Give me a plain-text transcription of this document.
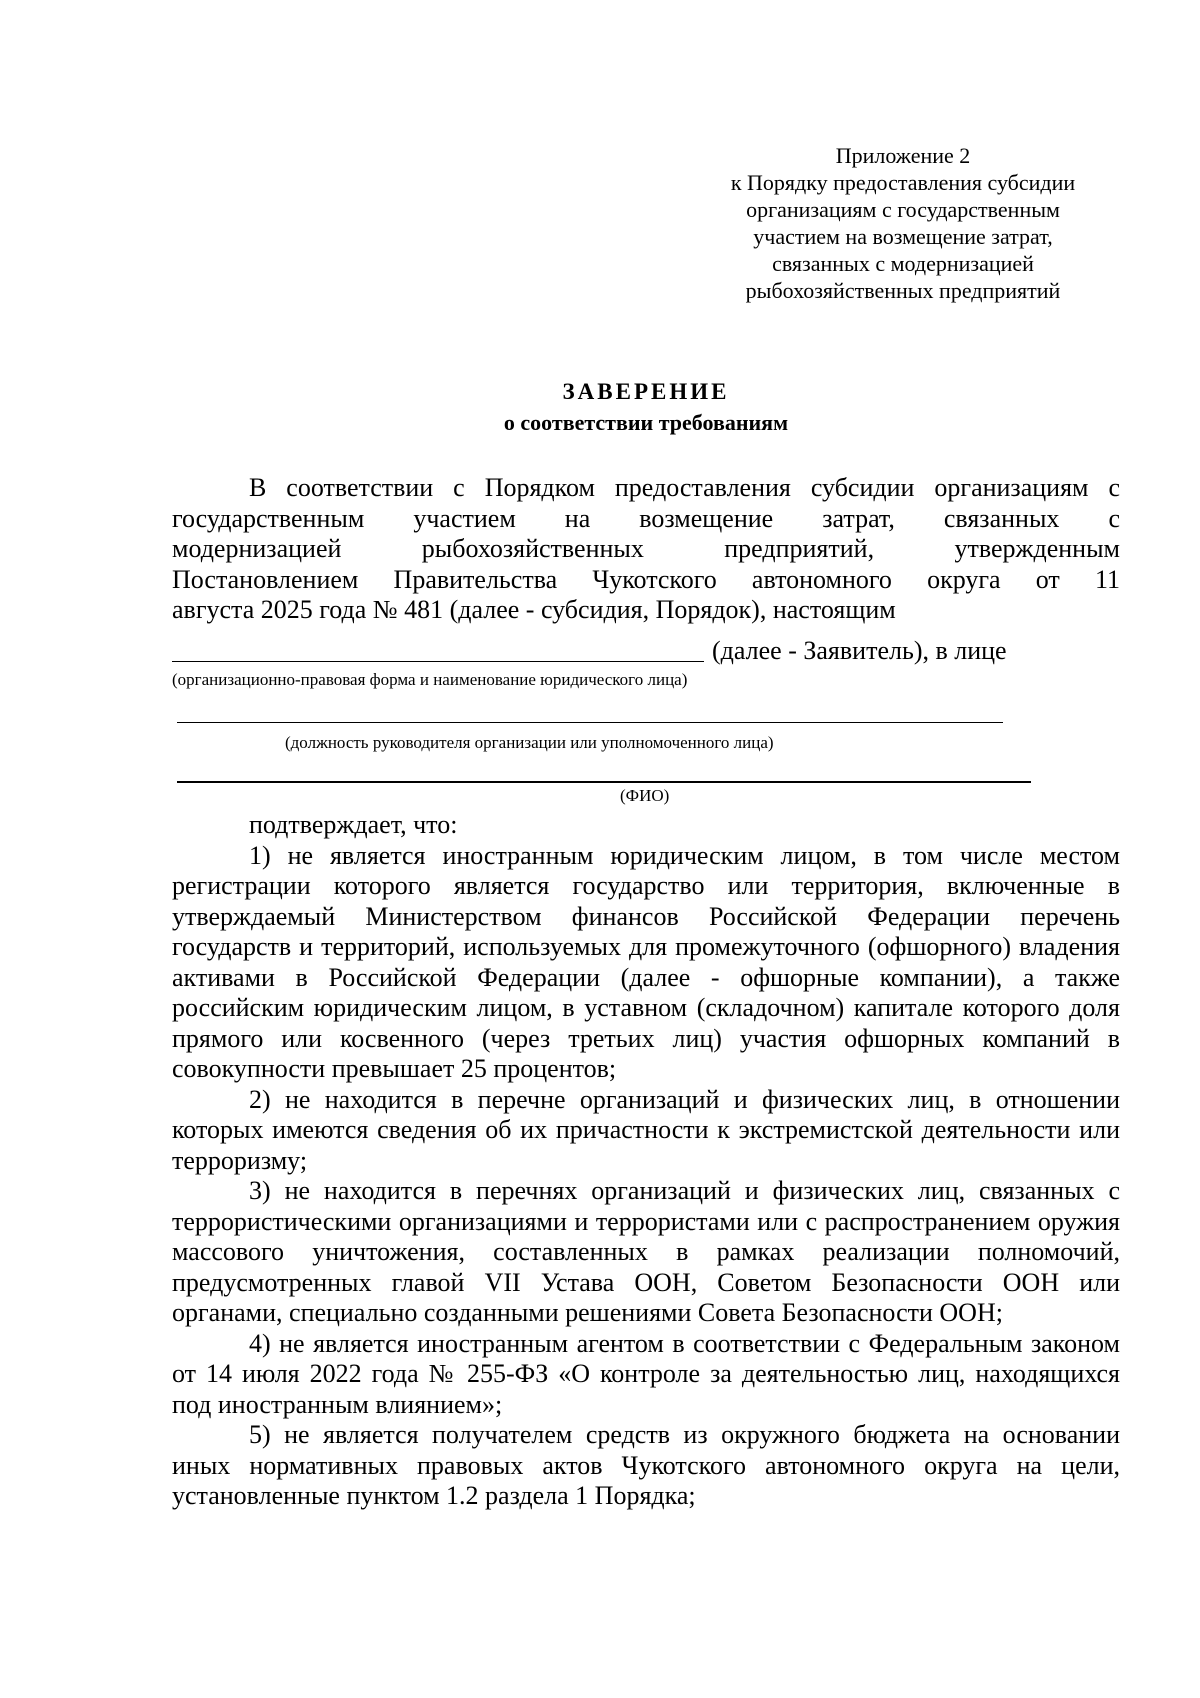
Приложение 2
к Порядку предоставления субсидии
организациям с государственным
участием на возмещение затрат,
связанных с модернизацией
рыбохозяйственных предприятий
ЗАВЕРЕНИЕ
о соответствии требованиям
В соответствии с Порядком предоставления субсидии организациям с
государственным участием на возмещение затрат, связанных с
модернизацией рыбохозяйственных предприятий, утвержденным
Постановлением Правительства Чукотского автономного округа от 11
августа 2025 года № 481 (далее - субсидия, Порядок), настоящим
(далее - Заявитель), в лице
(организационно-правовая форма и наименование юридического лица)
(должность руководителя организации или уполномоченного лица)
(ФИО)

подтверждает, что:

1) не является иностранным юридическим лицом, в том числе местом регистрации которого является государство или территория, включенные в утверждаемый Министерством финансов Российской Федерации перечень государств и территорий, используемых для промежуточного (офшорного) владения активами в Российской Федерации (далее - офшорные компании), а также российским юридическим лицом, в уставном (складочном) капитале которого доля прямого или косвенного (через третьих лиц) участия офшорных компаний в совокупности превышает 25 процентов;

2) не находится в перечне организаций и физических лиц, в отношении которых имеются сведения об их причастности к экстремистской деятельности или терроризму;

3) не находится в перечнях организаций и физических лиц, связанных с террористическими организациями и террористами или с распространением оружия массового уничтожения, составленных в рамках реализации полномочий, предусмотренных главой VII Устава ООН, Советом Безопасности ООН или органами, специально созданными решениями Совета Безопасности ООН;

4) не является иностранным агентом в соответствии с Федеральным законом от 14 июля 2022 года № 255-ФЗ «О контроле за деятельностью лиц, находящихся под иностранным влиянием»;

5) не является получателем средств из окружного бюджета на основании иных нормативных правовых актов Чукотского автономного округа на цели, установленные пунктом 1.2 раздела 1 Порядка;
